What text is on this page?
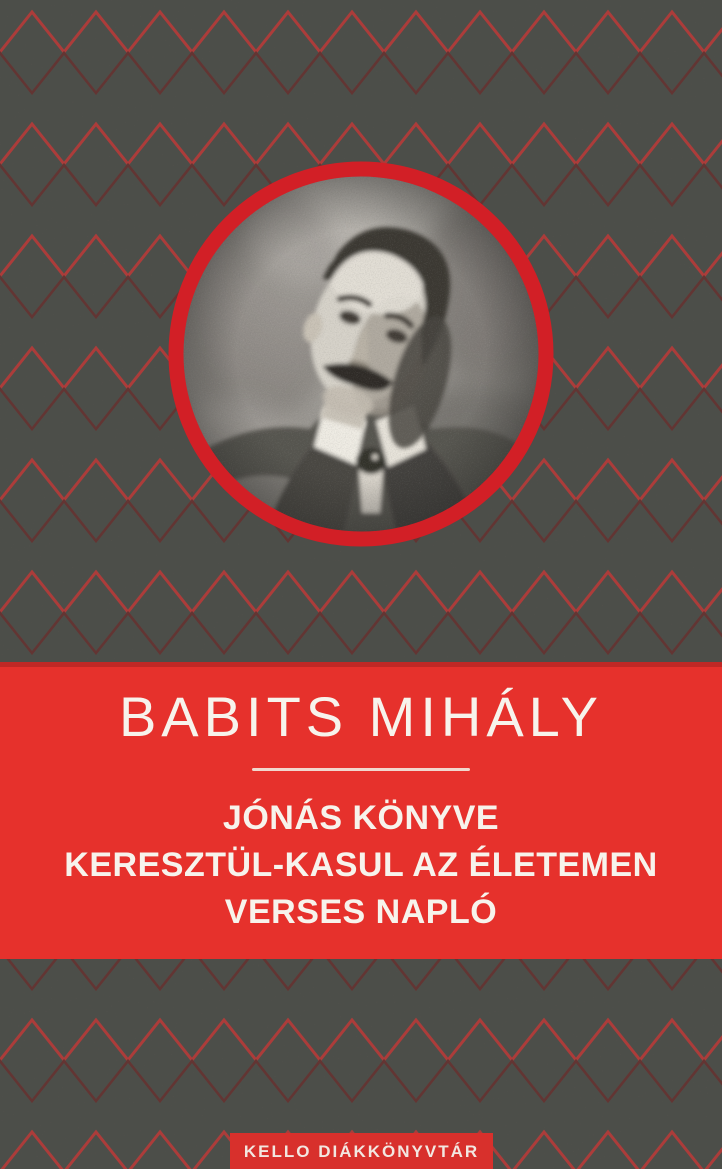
BABITS MIHÁLY
JÓNÁS KÖNYVE
KERESZTÜL-KASUL AZ ÉLETEMEN
VERSES NAPLÓ
KELLO DIÁKKÖNYVTÁR
